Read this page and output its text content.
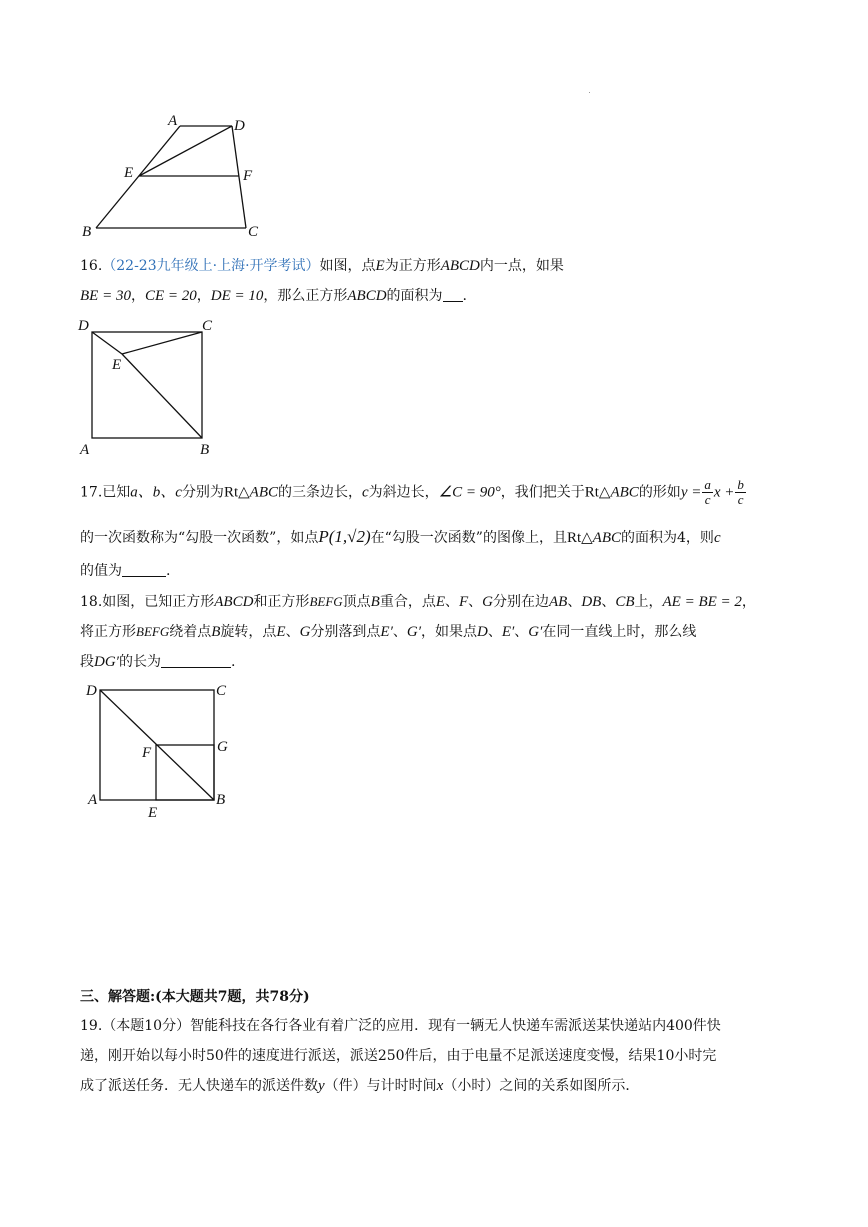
A	D
E	F
B	C
16.（22-23九年级上·上海·开学考试）如图，点E为正方形ABCD内一点，如果
BE = 30，CE = 20，DE = 10，那么正方形ABCD的面积为 .
D	C
E
A	B
17.已知a、b、c分别为Rt△ABC的三条边长，c为斜边长，∠C = 90°，我们把关于Rt△ABC的形如$y = \frac{a}{c}$ $x + \frac{b}{c}$
的一次函数称为“勾股一次函数”，如点P(1,√2)在“勾股一次函数”的图像上，且Rt△ABC的面积为4，则c
的值为	.
18.如图，已知正方形ABCD和正方形BEFG顶点B重合，点E、F、G分别在边AB、DB、CB上，AE = BE = 2，
将正方形BEFG绕着点B旋转，点E、G分别落到点E′、G′，如果点D、E′、G′在同一直线上时，那么线
段DG′的长为	.
D	C
F	G
A	B
E
三、解答题:(本大题共7题，共78分)
19.（本题10分）智能科技在各行各业有着广泛的应用．现有一辆无人快递车需派送某快递站内400件快
递，刚开始以每小时50件的速度进行派送，派送250件后，由于电量不足派送速度变慢，结果10小时完
成了派送任务．无人快递车的派送件数y（件）与计时时间x（小时）之间的关系如图所示．
